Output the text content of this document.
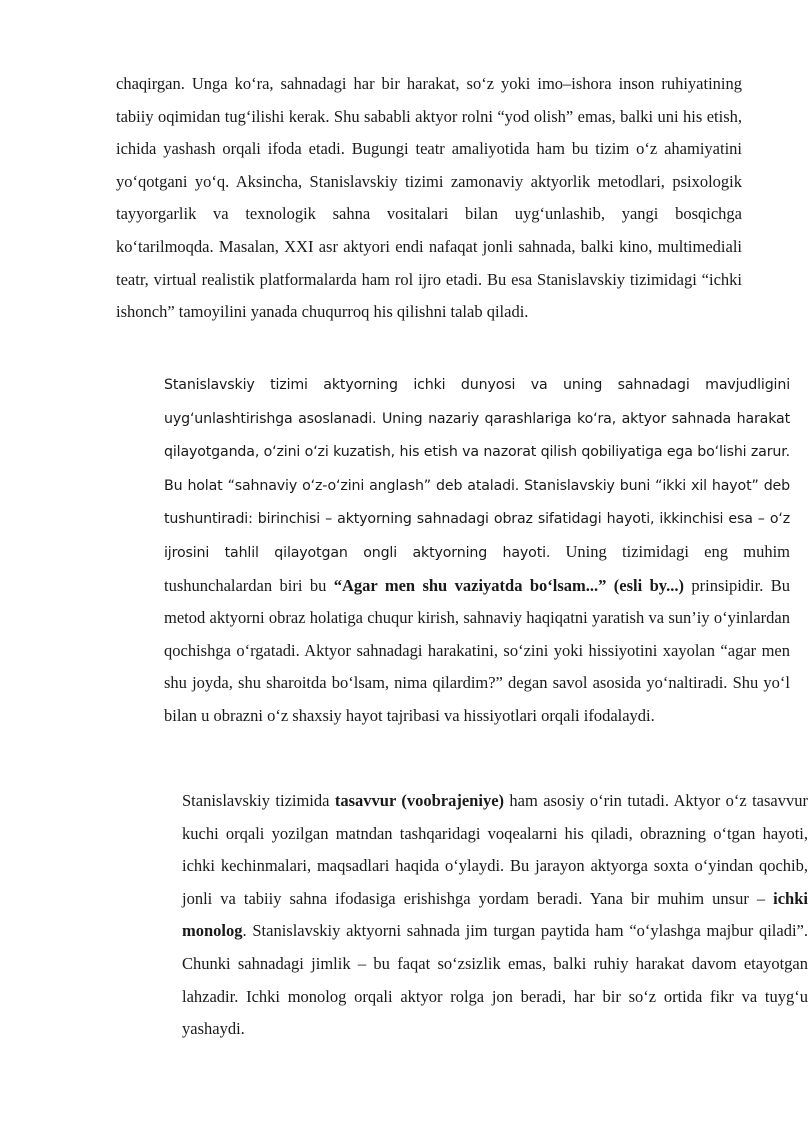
chaqirgan. Unga ko‘ra, sahnadagi har bir harakat, so‘z yoki imo–ishora inson ruhiyatining tabiiy oqimidan tug‘ilishi kerak. Shu sababli aktyor rolni “yod olish” emas, balki uni his etish, ichida yashash orqali ifoda etadi. Bugungi teatr amaliyotida ham bu tizim o‘z ahamiyatini yo‘qotgani yo‘q. Aksincha, Stanislavskiy tizimi zamonaviy aktyorlik metodlari, psixologik tayyorgarlik va texnologik sahna vositalari bilan uyg‘unlashib, yangi bosqichga ko‘tarilmoqda. Masalan, XXI asr aktyori endi nafaqat jonli sahnada, balki kino, multimediali teatr, virtual realistik platformalarda ham rol ijro etadi. Bu esa Stanislavskiy tizimidagi “ichki ishonch” tamoyilini yanada chuqurroq his qilishni talab qiladi.

Stanislavskiy tizimi aktyorning ichki dunyosi va uning sahnadagi mavjudligini uyg‘unlashtirishga asoslanadi. Uning nazariy qarashlariga ko‘ra, aktyor sahnada harakat qilayotganda, o‘zini o‘zi kuzatish, his etish va nazorat qilish qobiliyatiga ega bo‘lishi zarur. Bu holat “sahnaviy o‘z-o‘zini anglash” deb ataladi. Stanislavskiy buni “ikki xil hayot” deb tushuntiradi: birinchisi – aktyorning sahnadagi obraz sifatidagi hayoti, ikkinchisi esa – o‘z ijrosini tahlil qilayotgan ongli aktyorning hayoti. Uning tizimidagi eng muhim tushunchalardan biri bu “Agar men shu vaziyatda bo‘lsam...” (esli by...) prinsipidir. Bu metod aktyorni obraz holatiga chuqur kirish, sahnaviy haqiqatni yaratish va sun’iy o‘yinlardan qochishga o‘rgatadi. Aktyor sahnadagi harakatini, so‘zini yoki hissiyotini xayolan “agar men shu joyda, shu sharoitda bo‘lsam, nima qilardim?” degan savol asosida yo‘naltiradi. Shu yo‘l bilan u obrazni o‘z shaxsiy hayot tajribasi va hissiyotlari orqali ifodalaydi.

Stanislavskiy tizimida tasavvur (voobrajeniye) ham asosiy o‘rin tutadi. Aktyor o‘z tasavvur kuchi orqali yozilgan matndan tashqaridagi voqealarni his qiladi, obrazning o‘tgan hayoti, ichki kechinmalari, maqsadlari haqida o‘ylaydi. Bu jarayon aktyorga soxta o‘yindan qochib, jonli va tabiiy sahna ifodasiga erishishga yordam beradi. Yana bir muhim unsur – ichki monolog. Stanislavskiy aktyorni sahnada jim turgan paytida ham “o‘ylashga majbur qiladi”. Chunki sahnadagi jimlik – bu faqat so‘zsizlik emas, balki ruhiy harakat davom etayotgan lahzadir. Ichki monolog orqali aktyor rolga jon beradi, har bir so‘z ortida fikr va tuyg‘u yashaydi.
